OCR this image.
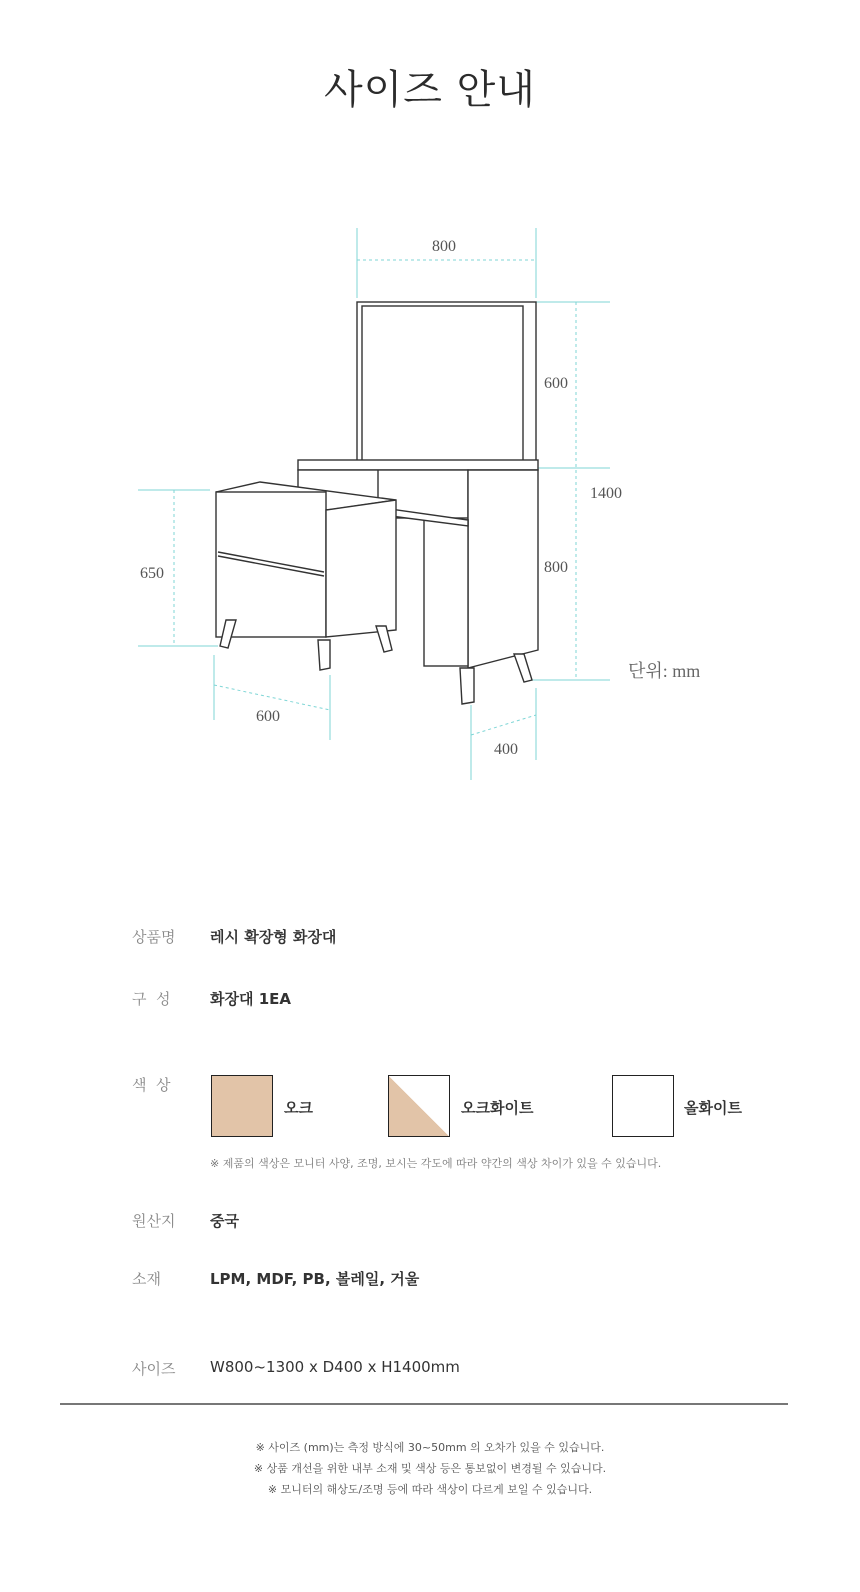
사이즈 안내
800
600
1400
800
650
600
400
단위: mm
상품명 레시 확장형 화장대
구  성	화장대 1EA
색  상
오크	오크화이트	올화이트
※ 제품의 색상은 모니터 사양, 조명, 보시는 각도에 따라 약간의 색상 차이가 있을 수 있습니다.
원산지 중국
소재	LPM, MDF, PB, 볼레일, 거울
사이즈 W800~1300 x D400 x H1400mm
※ 사이즈 (mm)는 측정 방식에 30~50mm 의 오차가 있을 수 있습니다.
※ 상품 개선을 위한 내부 소재 및 색상 등은 통보없이 변경될 수 있습니다.
※ 모니터의 해상도/조명 등에 따라 색상이 다르게 보일 수 있습니다.
